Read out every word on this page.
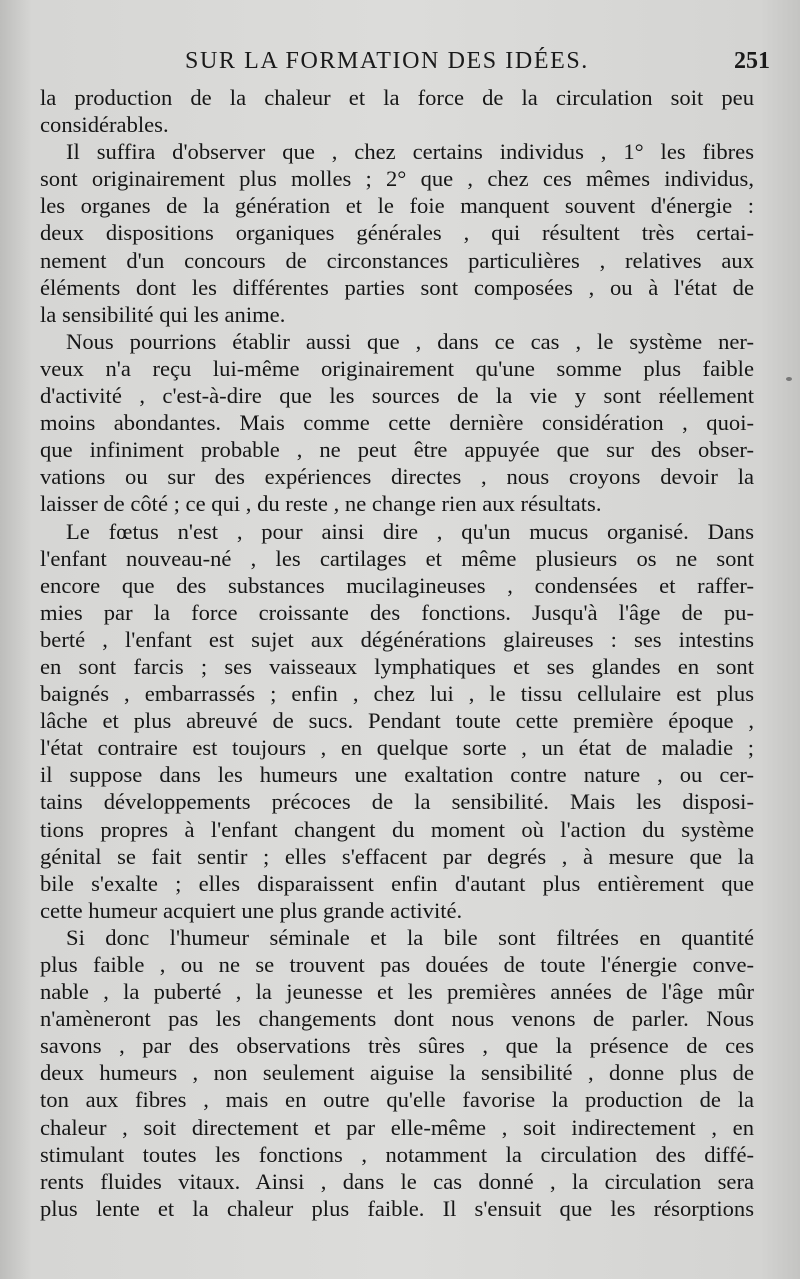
SUR LA FORMATION DES IDÉES.	251
la production de la chaleur et la force de la circulation soit peu
considérables.
Il suffira d'observer que , chez certains individus , 1° les fibres
sont originairement plus molles ; 2° que , chez ces mêmes individus,
les organes de la génération et le foie manquent souvent d'énergie :
deux dispositions organiques générales , qui résultent très certai-
nement d'un concours de circonstances particulières , relatives aux
éléments dont les différentes parties sont composées , ou à l'état de
la sensibilité qui les anime.
Nous pourrions établir aussi que , dans ce cas , le système ner-
veux n'a reçu lui-même originairement qu'une somme plus faible
d'activité , c'est-à-dire que les sources de la vie y sont réellement
moins abondantes. Mais comme cette dernière considération , quoi-
que infiniment probable , ne peut être appuyée que sur des obser-
vations ou sur des expériences directes , nous croyons devoir la
laisser de côté ; ce qui , du reste , ne change rien aux résultats.
Le fœtus n'est , pour ainsi dire , qu'un mucus organisé. Dans
l'enfant nouveau-né , les cartilages et même plusieurs os ne sont
encore que des substances mucilagineuses , condensées et raffer-
mies par la force croissante des fonctions. Jusqu'à l'âge de pu-
berté , l'enfant est sujet aux dégénérations glaireuses : ses intestins
en sont farcis ; ses vaisseaux lymphatiques et ses glandes en sont
baignés , embarrassés ; enfin , chez lui , le tissu cellulaire est plus
lâche et plus abreuvé de sucs. Pendant toute cette première époque ,
l'état contraire est toujours , en quelque sorte , un état de maladie ;
il suppose dans les humeurs une exaltation contre nature , ou cer-
tains développements précoces de la sensibilité. Mais les disposi-
tions propres à l'enfant changent du moment où l'action du système
génital se fait sentir ; elles s'effacent par degrés , à mesure que la
bile s'exalte ; elles disparaissent enfin d'autant plus entièrement que
cette humeur acquiert une plus grande activité.
Si donc l'humeur séminale et la bile sont filtrées en quantité
plus faible , ou ne se trouvent pas douées de toute l'énergie conve-
nable , la puberté , la jeunesse et les premières années de l'âge mûr
n'amèneront pas les changements dont nous venons de parler. Nous
savons , par des observations très sûres , que la présence de ces
deux humeurs , non seulement aiguise la sensibilité , donne plus de
ton aux fibres , mais en outre qu'elle favorise la production de la
chaleur , soit directement et par elle-même , soit indirectement , en
stimulant toutes les fonctions , notamment la circulation des diffé-
rents fluides vitaux. Ainsi , dans le cas donné , la circulation sera
plus lente et la chaleur plus faible. Il s'ensuit que les résorptions
